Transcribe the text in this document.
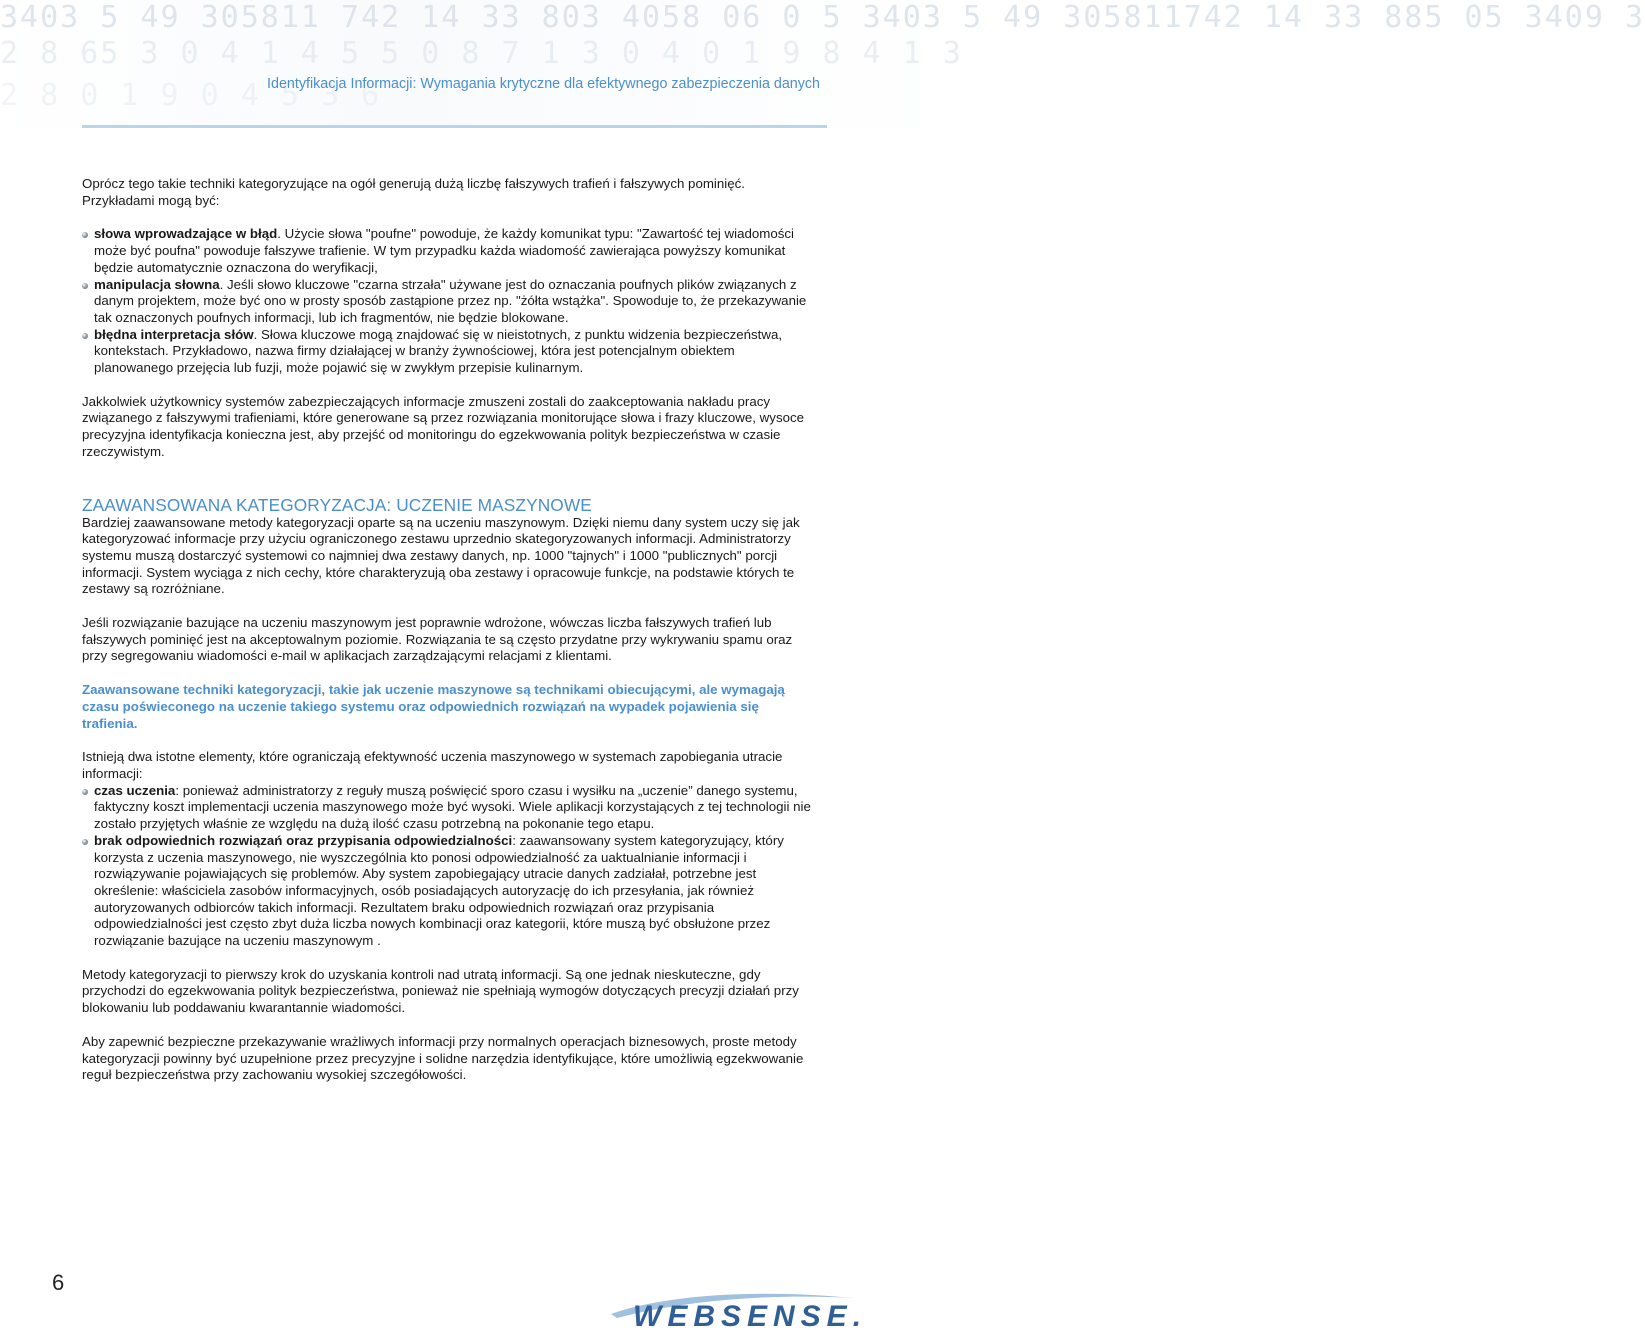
3403 5 49 305811 742 14 33 803 4058 06 0 5 3403 5 49 305811742 14 33 885 05 3409 3
2 8 65 3 0 4 1 4 5 5 0 8 7 1 3 0 4 0 1 9 8 4 1 3
2 8 0 1 9 0 4 5 3 6
Identyfikacja Informacji: Wymagania krytyczne dla efektywnego zabezpieczenia danych

Oprócz tego takie techniki kategoryzujące na ogół generują dużą liczbę fałszywych trafień i fałszywych pominięć. Przykładami mogą być:

słowa wprowadzające w błąd. Użycie słowa "poufne" powoduje, że każdy komunikat typu: "Zawartość tej wiadomości może być poufna" powoduje fałszywe trafienie. W tym przypadku każda wiadomość zawierająca powyższy komunikat będzie automatycznie oznaczona do weryfikacji,
manipulacja słowna. Jeśli słowo kluczowe "czarna strzała" używane jest do oznaczania poufnych plików związanych z danym projektem, może być ono w prosty sposób zastąpione przez np. "żółta wstążka". Spowoduje to, że przekazywanie tak oznaczonych poufnych informacji, lub ich fragmentów, nie będzie blokowane.
błędna interpretacja słów. Słowa kluczowe mogą znajdować się w nieistotnych, z punktu widzenia bezpieczeństwa, kontekstach. Przykładowo, nazwa firmy działającej w branży żywnościowej, która jest potencjalnym obiektem planowanego przejęcia lub fuzji, może pojawić się w zwykłym przepisie kulinarnym.

Jakkolwiek użytkownicy systemów zabezpieczających informacje zmuszeni zostali do zaakceptowania nakładu pracy związanego z fałszywymi trafieniami, które generowane są przez rozwiązania monitorujące słowa i frazy kluczowe, wysoce precyzyjna identyfikacja konieczna jest, aby przejść od monitoringu do egzekwowania polityk bezpieczeństwa w czasie rzeczywistym.

ZAAWANSOWANA KATEGORYZACJA: UCZENIE MASZYNOWE

Bardziej zaawansowane metody kategoryzacji oparte są na uczeniu maszynowym. Dzięki niemu dany system uczy się jak kategoryzować informacje przy użyciu ograniczonego zestawu uprzednio skategoryzowanych informacji. Administratorzy systemu muszą dostarczyć systemowi co najmniej dwa zestawy danych, np. 1000 "tajnych" i 1000 "publicznych" porcji informacji. System wyciąga z nich cechy, które charakteryzują oba zestawy i opracowuje funkcje, na podstawie których te zestawy są rozróżniane.

Jeśli rozwiązanie bazujące na uczeniu maszynowym jest poprawnie wdrożone, wówczas liczba fałszywych trafień lub fałszywych pominięć jest na akceptowalnym poziomie. Rozwiązania te są często przydatne przy wykrywaniu spamu oraz przy segregowaniu wiadomości e-mail w aplikacjach zarządzającymi relacjami z klientami.

Zaawansowane techniki kategoryzacji, takie jak uczenie maszynowe są technikami obiecującymi, ale wymagają czasu poświeconego na uczenie takiego systemu oraz odpowiednich rozwiązań na wypadek pojawienia się trafienia.

Istnieją dwa istotne elementy, które ograniczają efektywność uczenia maszynowego w systemach zapobiegania utracie informacji:

czas uczenia: ponieważ administratorzy z reguły muszą poświęcić sporo czasu i wysiłku na „uczenie” danego systemu, faktyczny koszt implementacji uczenia maszynowego może być wysoki. Wiele aplikacji korzystających z tej technologii nie zostało przyjętych właśnie ze względu na dużą ilość czasu potrzebną na pokonanie tego etapu.
brak odpowiednich rozwiązań oraz przypisania odpowiedzialności: zaawansowany system kategoryzujący, który korzysta z uczenia maszynowego, nie wyszczególnia kto ponosi odpowiedzialność za uaktualnianie informacji i rozwiązywanie pojawiających się problemów. Aby system zapobiegający utracie danych zadziałał, potrzebne jest określenie: właściciela zasobów informacyjnych, osób posiadających autoryzację do ich przesyłania, jak również autoryzowanych odbiorców takich informacji. Rezultatem braku odpowiednich rozwiązań oraz przypisania odpowiedzialności jest często zbyt duża liczba nowych kombinacji oraz kategorii, które muszą być obsłużone przez rozwiązanie bazujące na uczeniu maszynowym .

Metody kategoryzacji to pierwszy krok do uzyskania kontroli nad utratą informacji. Są one jednak nieskuteczne, gdy przychodzi do egzekwowania polityk bezpieczeństwa, ponieważ nie spełniają wymogów dotyczących precyzji działań przy blokowaniu lub poddawaniu kwarantannie wiadomości.

Aby zapewnić bezpieczne przekazywanie wrażliwych informacji przy normalnych operacjach biznesowych, proste metody kategoryzacji powinny być uzupełnione przez precyzyjne i solidne narzędzia identyfikujące, które umożliwią egzekwowanie reguł bezpieczeństwa przy zachowaniu wysokiej szczegółowości.

6
WEBSENSE.
